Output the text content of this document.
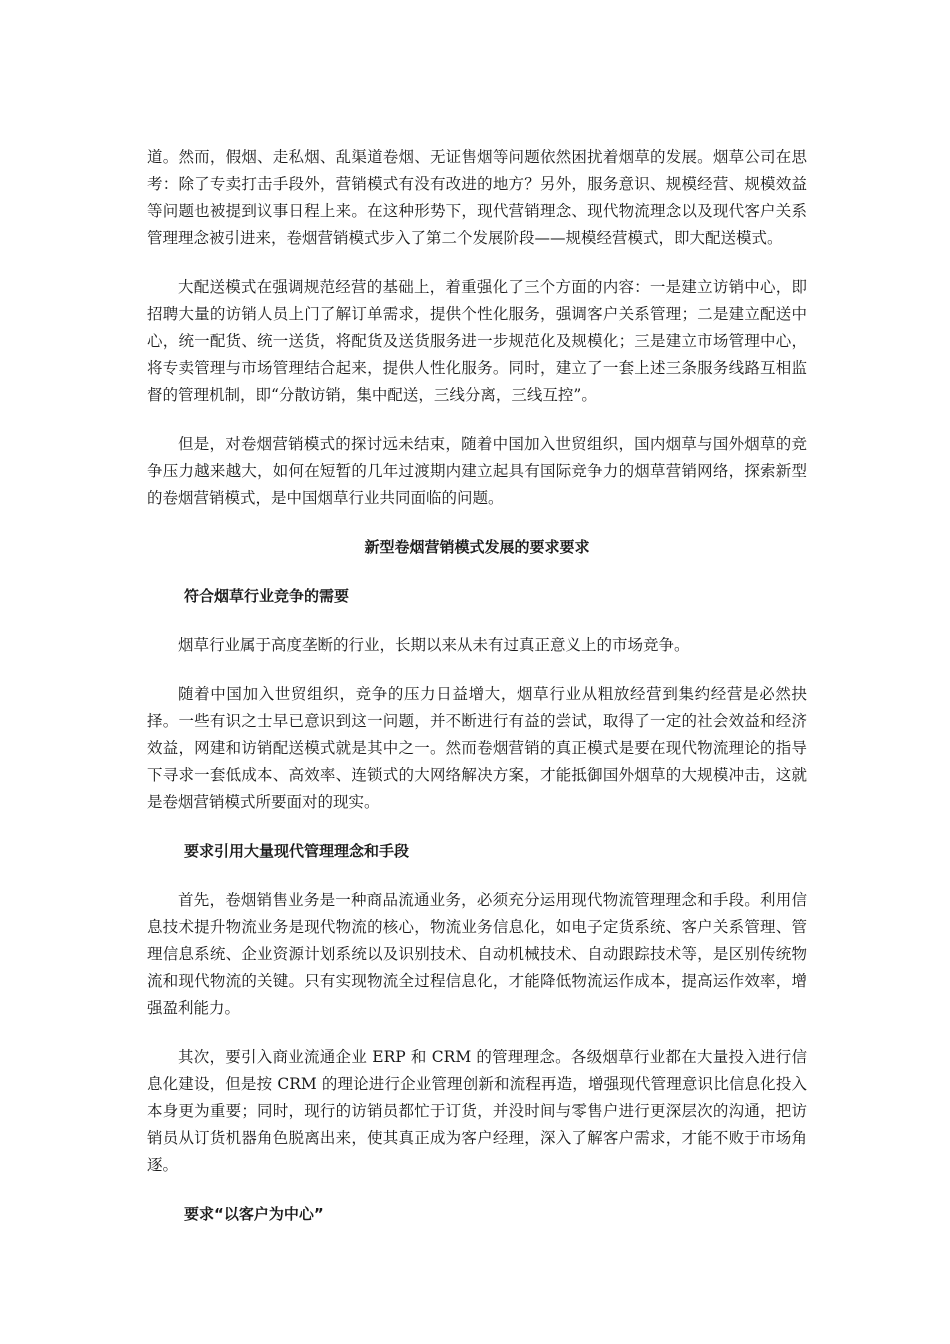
道。然而，假烟、走私烟、乱渠道卷烟、无证售烟等问题依然困扰着烟草的发展。烟草公司在思考：除了专卖打击手段外，营销模式有没有改进的地方？另外，服务意识、规模经营、规模效益等问题也被提到议事日程上来。在这种形势下，现代营销理念、现代物流理念以及现代客户关系管理理念被引进来，卷烟营销模式步入了第二个发展阶段——规模经营模式，即大配送模式。

大配送模式在强调规范经营的基础上，着重强化了三个方面的内容：一是建立访销中心，即招聘大量的访销人员上门了解订单需求，提供个性化服务，强调客户关系管理；二是建立配送中心，统一配货、统一送货，将配货及送货服务进一步规范化及规模化；三是建立市场管理中心，将专卖管理与市场管理结合起来，提供人性化服务。同时，建立了一套上述三条服务线路互相监督的管理机制，即“分散访销，集中配送，三线分离，三线互控”。

但是，对卷烟营销模式的探讨远未结束，随着中国加入世贸组织，国内烟草与国外烟草的竞争压力越来越大，如何在短暂的几年过渡期内建立起具有国际竞争力的烟草营销网络，探索新型的卷烟营销模式，是中国烟草行业共同面临的问题。

新型卷烟营销模式发展的要求要求
符合烟草行业竞争的需要

烟草行业属于高度垄断的行业，长期以来从未有过真正意义上的市场竞争。

随着中国加入世贸组织，竞争的压力日益增大，烟草行业从粗放经营到集约经营是必然抉择。一些有识之士早已意识到这一问题，并不断进行有益的尝试，取得了一定的社会效益和经济效益，网建和访销配送模式就是其中之一。然而卷烟营销的真正模式是要在现代物流理论的指导下寻求一套低成本、高效率、连锁式的大网络解决方案，才能抵御国外烟草的大规模冲击，这就是卷烟营销模式所要面对的现实。

要求引用大量现代管理理念和手段

首先，卷烟销售业务是一种商品流通业务，必须充分运用现代物流管理理念和手段。利用信息技术提升物流业务是现代物流的核心，物流业务信息化，如电子定货系统、客户关系管理、管理信息系统、企业资源计划系统以及识别技术、自动机械技术、自动跟踪技术等，是区别传统物流和现代物流的关键。只有实现物流全过程信息化，才能降低物流运作成本，提高运作效率，增强盈利能力。

其次，要引入商业流通企业 ERP 和 CRM 的管理理念。各级烟草行业都在大量投入进行信息化建设，但是按 CRM 的理论进行企业管理创新和流程再造，增强现代管理意识比信息化投入本身更为重要；同时，现行的访销员都忙于订货，并没时间与零售户进行更深层次的沟通，把访销员从订货机器角色脱离出来，使其真正成为客户经理，深入了解客户需求，才能不败于市场角逐。

要求“以客户为中心”
